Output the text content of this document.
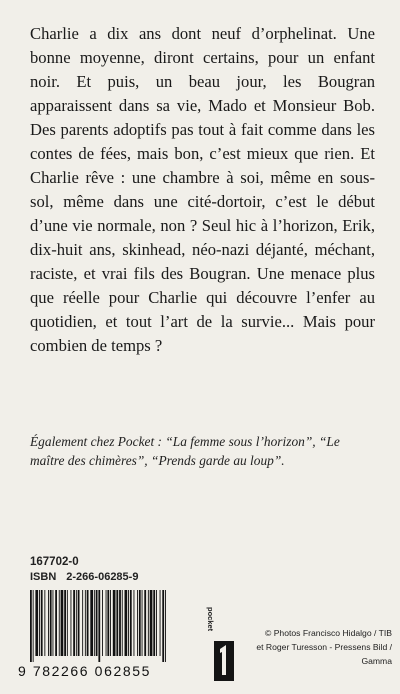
Charlie a dix ans dont neuf d’orphelinat. Une bonne moyenne, diront certains, pour un enfant noir. Et puis, un beau jour, les Bougran apparaissent dans sa vie, Mado et Monsieur Bob. Des parents adoptifs pas tout à fait comme dans les contes de fées, mais bon, c’est mieux que rien. Et Charlie rêve : une chambre à soi, même en sous-sol, même dans une cité-dortoir, c’est le début d’une vie normale, non ? Seul hic à l’horizon, Erik, dix-huit ans, skinhead, néo-nazi déjanté, méchant, raciste, et vrai fils des Bougran. Une menace plus que réelle pour Charlie qui découvre l’enfer au quotidien, et tout l’art de la survie... Mais pour combien de temps ?

Également chez Pocket : “La femme sous l’horizon”, “Le maître des chimères”, “Prends garde au loup”.

167702-0
ISBN 2-266-06285-9
9 782266 062855
pocket
© Photos Francisco Hidalgo / TIB
et Roger Turesson - Pressens Bild / Gamma
